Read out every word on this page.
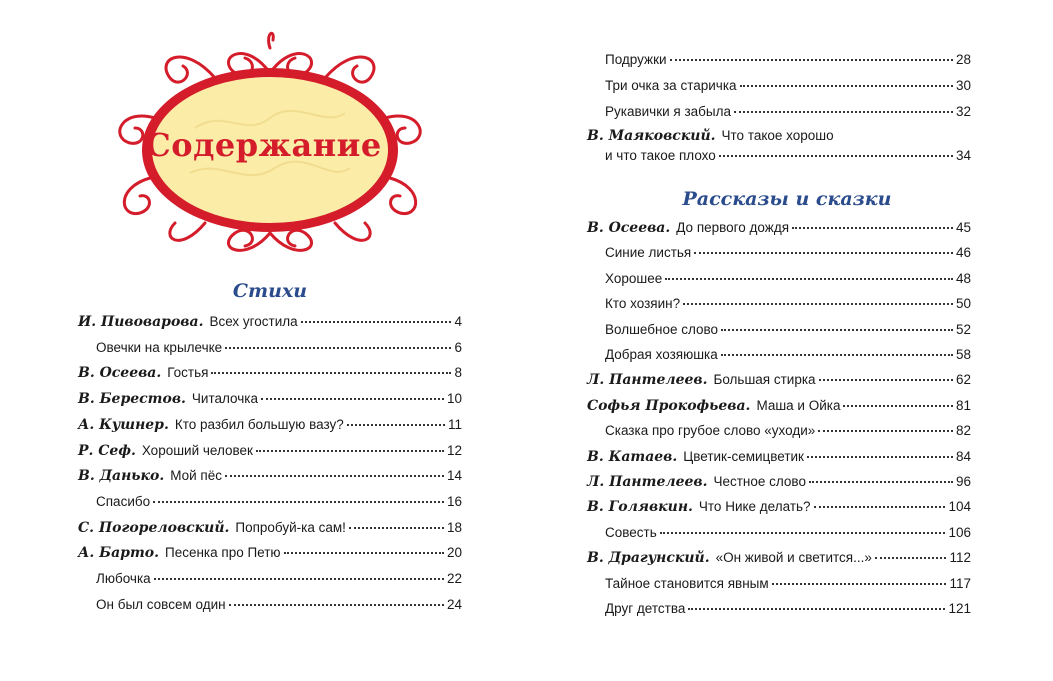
Содержание
Стихи
И. Пивоварова. Всех угостила	4
Овечки на крылечке	6
В. Осеева. Гостья	8
В. Берестов. Читалочка	10
А. Кушнер. Кто разбил большую вазу?	11
Р. Сеф. Хороший человек	12
В. Данько. Мой пёс	14
Спасибо	16
С. Погореловский. Попробуй-ка сам!	18
А. Барто. Песенка про Петю	20
Любочка	22
Он был совсем один	24
Подружки	28
Три очка за старичка	30
Рукавички я забыла	32
В. Маяковский. Что такое хорошо
и что такое плохо	34
Рассказы и сказки
В. Осеева. До первого дождя	45
Синие листья	46
Хорошее	48
Кто хозяин?	50
Волшебное слово	52
Добрая хозяюшка	58
Л. Пантелеев. Большая стирка	62
Софья Прокофьева. Маша и Ойка	81
Сказка про грубое слово «уходи»	82
В. Катаев. Цветик-семицветик	84
Л. Пантелеев. Честное слово	96
В. Голявкин. Что Нике делать?	104
Совесть	106
В. Драгунский. «Он живой и светится...»	112
Тайное становится явным	117
Друг детства	121
